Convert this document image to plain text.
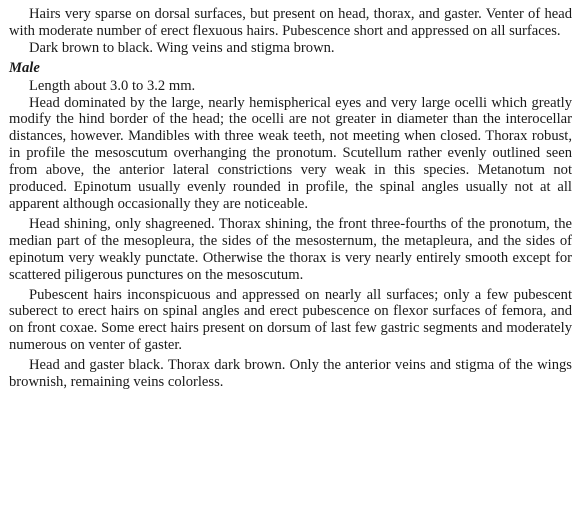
Hairs very sparse on dorsal surfaces, but present on head, thorax, and gaster. Venter of head with moderate number of erect flexuous hairs. Pubescence short and appressed on all surfaces.

Dark brown to black. Wing veins and stigma brown.

Male

Length about 3.0 to 3.2 mm.

Head dominated by the large, nearly hemispherical eyes and very large ocelli which greatly modify the hind border of the head; the ocelli are not greater in diameter than the interocellar distances, however. Mandibles with three weak teeth, not meeting when closed. Thorax robust, in profile the mesoscutum overhanging the pronotum. Scutellum rather evenly outlined seen from above, the anterior lateral constrictions very weak in this species. Metanotum not produced. Epinotum usually evenly rounded in profile, the spinal angles usually not at all apparent although occasionally they are noticeable.

Head shining, only shagreened. Thorax shining, the front three-fourths of the pronotum, the median part of the mesopleura, the sides of the mesosternum, the metapleura, and the sides of epinotum very weakly punctate. Otherwise the thorax is very nearly entirely smooth except for scattered piligerous punctures on the mesoscutum.

Pubescent hairs inconspicuous and appressed on nearly all surfaces; only a few pubescent suberect to erect hairs on spinal angles and erect pubescence on flexor surfaces of femora, and on front coxae. Some erect hairs present on dorsum of last few gastric segments and moderately numerous on venter of gaster.

Head and gaster black. Thorax dark brown. Only the anterior veins and stigma of the wings brownish, remaining veins colorless.
